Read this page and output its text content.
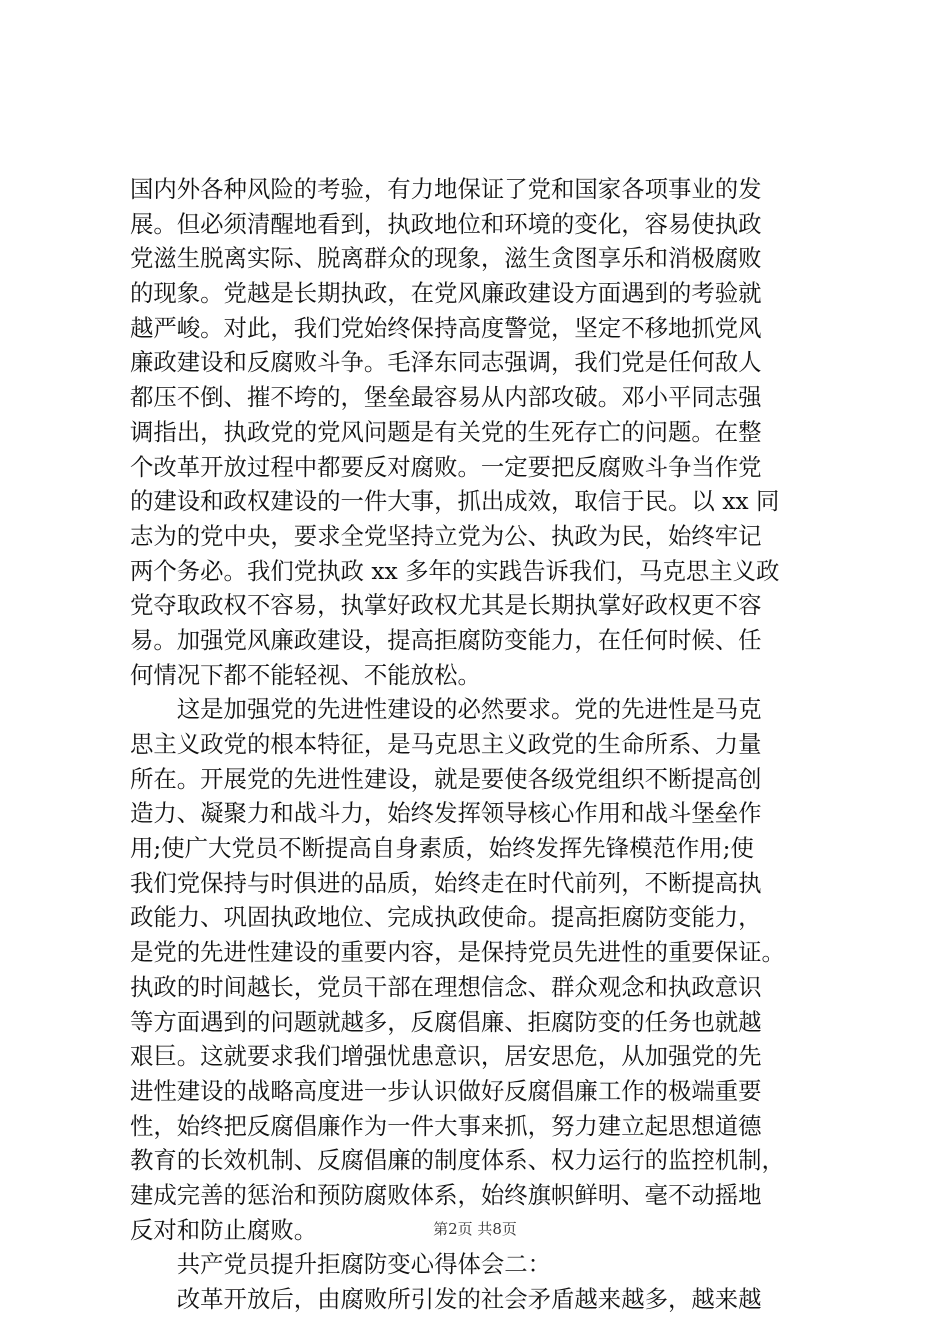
国内外各种风险的考验，有力地保证了党和国家各项事业的发
展。但必须清醒地看到，执政地位和环境的变化，容易使执政
党滋生脱离实际、脱离群众的现象，滋生贪图享乐和消极腐败
的现象。党越是长期执政，在党风廉政建设方面遇到的考验就
越严峻。对此，我们党始终保持高度警觉，坚定不移地抓党风
廉政建设和反腐败斗争。毛泽东同志强调，我们党是任何敌人
都压不倒、摧不垮的，堡垒最容易从内部攻破。邓小平同志强
调指出，执政党的党风问题是有关党的生死存亡的问题。在整
个改革开放过程中都要反对腐败。一定要把反腐败斗争当作党
的建设和政权建设的一件大事，抓出成效，取信于民。以 xx 同
志为的党中央，要求全党坚持立党为公、执政为民，始终牢记
两个务必。我们党执政 xx 多年的实践告诉我们，马克思主义政
党夺取政权不容易，执掌好政权尤其是长期执掌好政权更不容
易。加强党风廉政建设，提高拒腐防变能力，在任何时候、任
何情况下都不能轻视、不能放松。
　　这是加强党的先进性建设的必然要求。党的先进性是马克
思主义政党的根本特征，是马克思主义政党的生命所系、力量
所在。开展党的先进性建设，就是要使各级党组织不断提高创
造力、凝聚力和战斗力，始终发挥领导核心作用和战斗堡垒作
用;使广大党员不断提高自身素质，始终发挥先锋模范作用;使
我们党保持与时俱进的品质，始终走在时代前列，不断提高执
政能力、巩固执政地位、完成执政使命。提高拒腐防变能力，
是党的先进性建设的重要内容，是保持党员先进性的重要保证。
执政的时间越长，党员干部在理想信念、群众观念和执政意识
等方面遇到的问题就越多，反腐倡廉、拒腐防变的任务也就越
艰巨。这就要求我们增强忧患意识，居安思危，从加强党的先
进性建设的战略高度进一步认识做好反腐倡廉工作的极端重要
性，始终把反腐倡廉作为一件大事来抓，努力建立起思想道德
教育的长效机制、反腐倡廉的制度体系、权力运行的监控机制，
建成完善的惩治和预防腐败体系，始终旗帜鲜明、毫不动摇地
反对和防止腐败。
　　共产党员提升拒腐防变心得体会二：
　　改革开放后，由腐败所引发的社会矛盾越来越多，越来越
第2页 共8页
